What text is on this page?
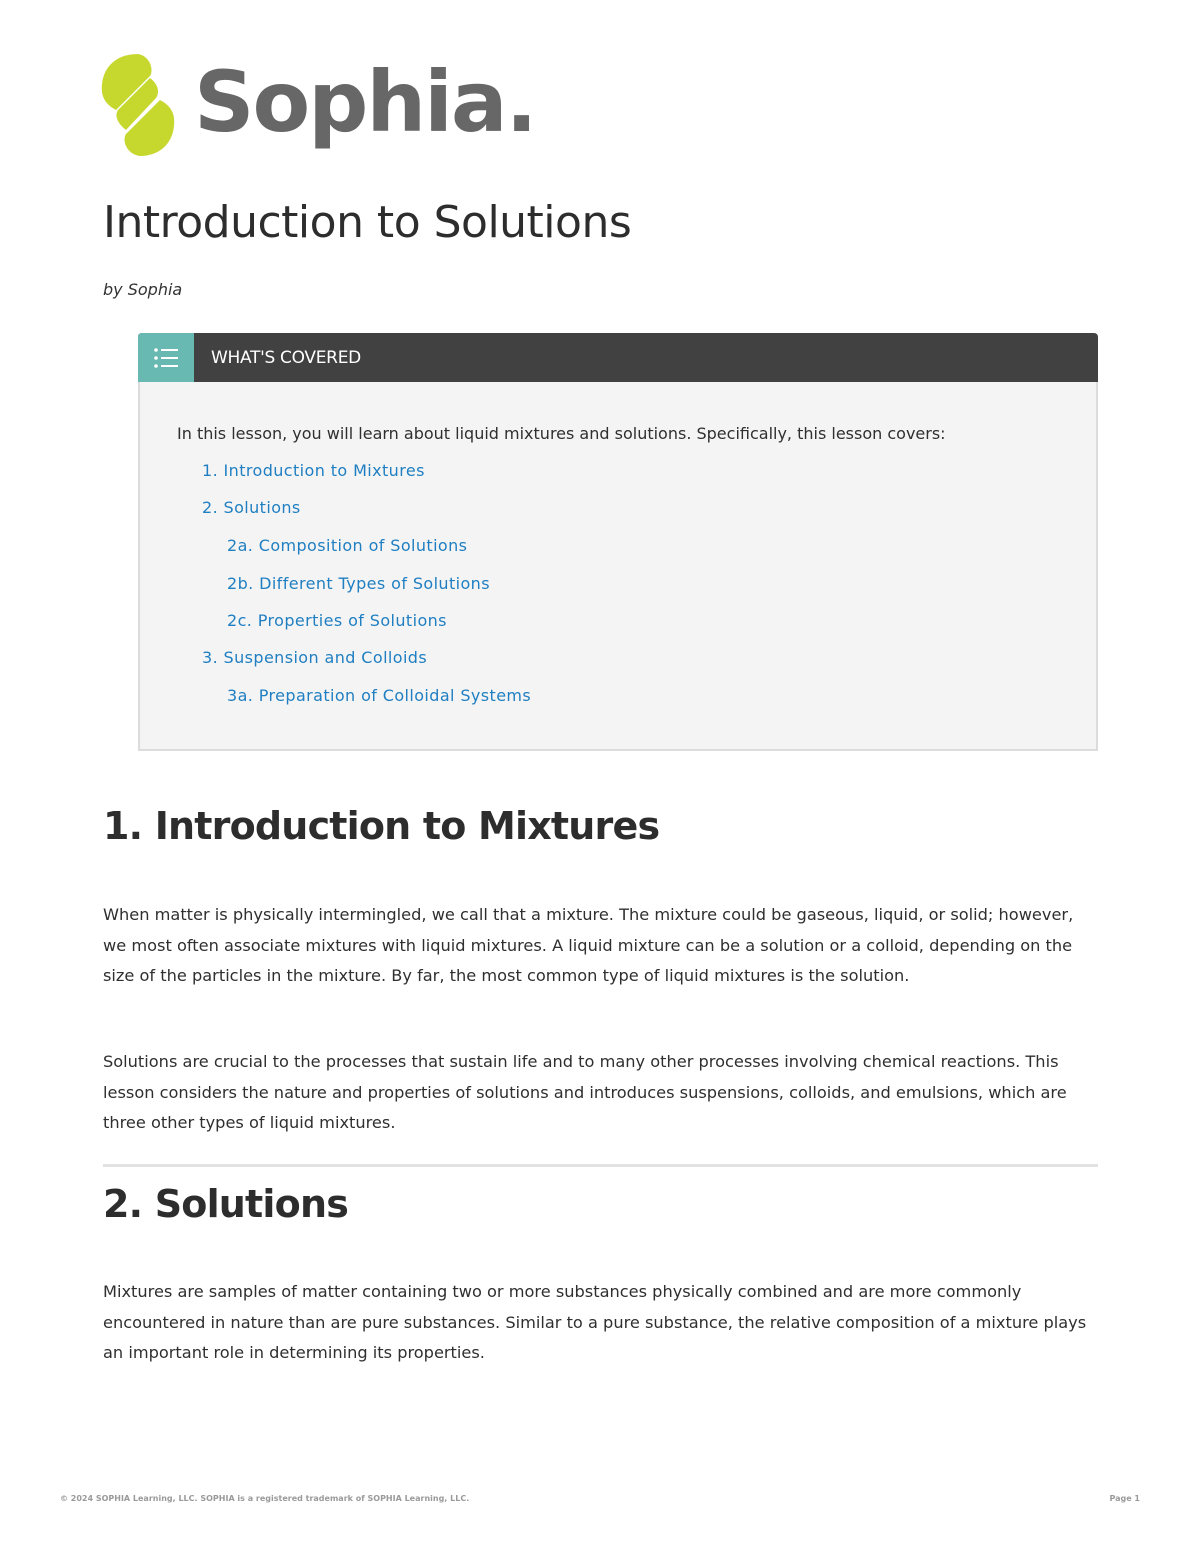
Sophia.
Introduction to Solutions
by Sophia
WHAT'S COVERED
In this lesson, you will learn about liquid mixtures and solutions. Specifically, this lesson covers:
1. Introduction to Mixtures
2. Solutions
2a. Composition of Solutions
2b. Different Types of Solutions
2c. Properties of Solutions
3. Suspension and Colloids
3a. Preparation of Colloidal Systems
1. Introduction to Mixtures

When matter is physically intermingled, we call that a mixture. The mixture could be gaseous, liquid, or solid; however, we most often associate mixtures with liquid mixtures. A liquid mixture can be a solution or a colloid, depending on the size of the particles in the mixture. By far, the most common type of liquid mixtures is the solution.

Solutions are crucial to the processes that sustain life and to many other processes involving chemical reactions. This lesson considers the nature and properties of solutions and introduces suspensions, colloids, and emulsions, which are three other types of liquid mixtures.

2. Solutions

Mixtures are samples of matter containing two or more substances physically combined and are more commonly encountered in nature than are pure substances. Similar to a pure substance, the relative composition of a mixture plays an important role in determining its properties.

© 2024 SOPHIA Learning, LLC. SOPHIA is a registered trademark of SOPHIA Learning, LLC.	Page 1
